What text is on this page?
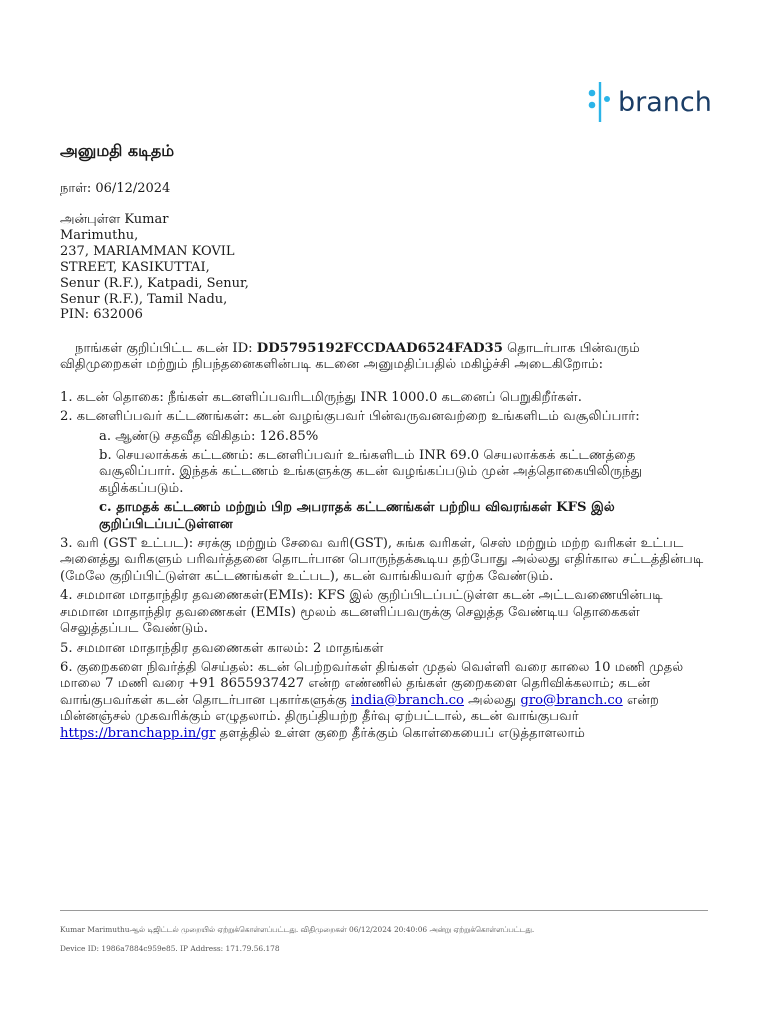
branch
அனுமதி கடிதம்
நாள்: 06/12/2024
அன்புள்ள Kumar
Marimuthu,
237, MARIAMMAN KOVIL
STREET, KASIKUTTAI,
Senur (R.F.), Katpadi, Senur,
Senur (R.F.), Tamil Nadu,
PIN: 632006

நாங்கள் குறிப்பிட்ட கடன் ID: DD5795192FCCDAAD6524FAD35 தொடர்பாக பின்வரும் விதிமுறைகள் மற்றும் நிபந்தனைகளின்படி கடனை அனுமதிப்பதில் மகிழ்ச்சி அடைகிறோம்:

1. கடன் தொகை: நீங்கள் கடனளிப்பவரிடமிருந்து INR 1000.0 கடனைப் பெறுகிறீர்கள்.

2. கடனளிப்பவர் கட்டணங்கள்: கடன் வழங்குபவர் பின்வருவனவற்றை உங்களிடம் வசூலிப்பார்:

a. ஆண்டு சதவீத விகிதம்: 126.85%

b. செயலாக்கக் கட்டணம்: கடனளிப்பவர் உங்களிடம் INR 69.0 செயலாக்கக் கட்டணத்தை வசூலிப்பார். இந்தக் கட்டணம் உங்களுக்கு கடன் வழங்கப்படும் முன் அத்தொகையிலிருந்து கழிக்கப்படும்.

c. தாமதக் கட்டணம் மற்றும் பிற அபராதக் கட்டணங்கள் பற்றிய விவரங்கள் KFS இல் குறிப்பிடப்பட்டுள்ளன

3. வரி (GST உட்பட): சரக்கு மற்றும் சேவை வரி(GST), சுங்க வரிகள், செஸ் மற்றும் மற்ற வரிகள் உட்பட அனைத்து வரிகளும் பரிவர்த்தனை தொடர்பான பொருந்தக்கூடிய தற்போது அல்லது எதிர்கால சட்டத்தின்படி (மேலே குறிப்பிட்டுள்ள கட்டணங்கள் உட்பட), கடன் வாங்கியவர் ஏற்க வேண்டும்.

4. சமமான மாதாந்திர தவணைகள்(EMIs): KFS இல் குறிப்பிடப்பட்டுள்ள கடன் அட்டவணையின்படி சமமான மாதாந்திர தவணைகள் (EMIs) மூலம் கடனளிப்பவருக்கு செலுத்த வேண்டிய தொகைகள் செலுத்தப்பட வேண்டும்.

5. சமமான மாதாந்திர தவணைகள் காலம்: 2 மாதங்கள்

6. குறைகளை நிவர்த்தி செய்தல்: கடன் பெற்றவர்கள் திங்கள் முதல் வெள்ளி வரை காலை 10 மணி முதல் மாலை 7 மணி வரை +91 8655937427 என்ற எண்ணில் தங்கள் குறைகளை தெரிவிக்கலாம்; கடன் வாங்குபவர்கள் கடன் தொடர்பான புகார்களுக்கு india@branch.co அல்லது gro@branch.co என்ற மின்னஞ்சல் முகவரிக்கும் எழுதலாம். திருப்தியற்ற தீர்வு ஏற்பட்டால், கடன் வாங்குபவர் https://branchapp.in/gr தளத்தில் உள்ள குறை தீர்க்கும் கொள்கையைப் எடுத்தாளலாம்

Kumar Marimuthuஆல் டிஜிட்டல் முறையில் ஏற்றுக்கொள்ளப்பட்டது. விதிமுறைகள் 06/12/2024 20:40:06 அன்று ஏற்றுக்கொள்ளப்பட்டது.
Device ID: 1986a7884c959e85. IP Address: 171.79.56.178
